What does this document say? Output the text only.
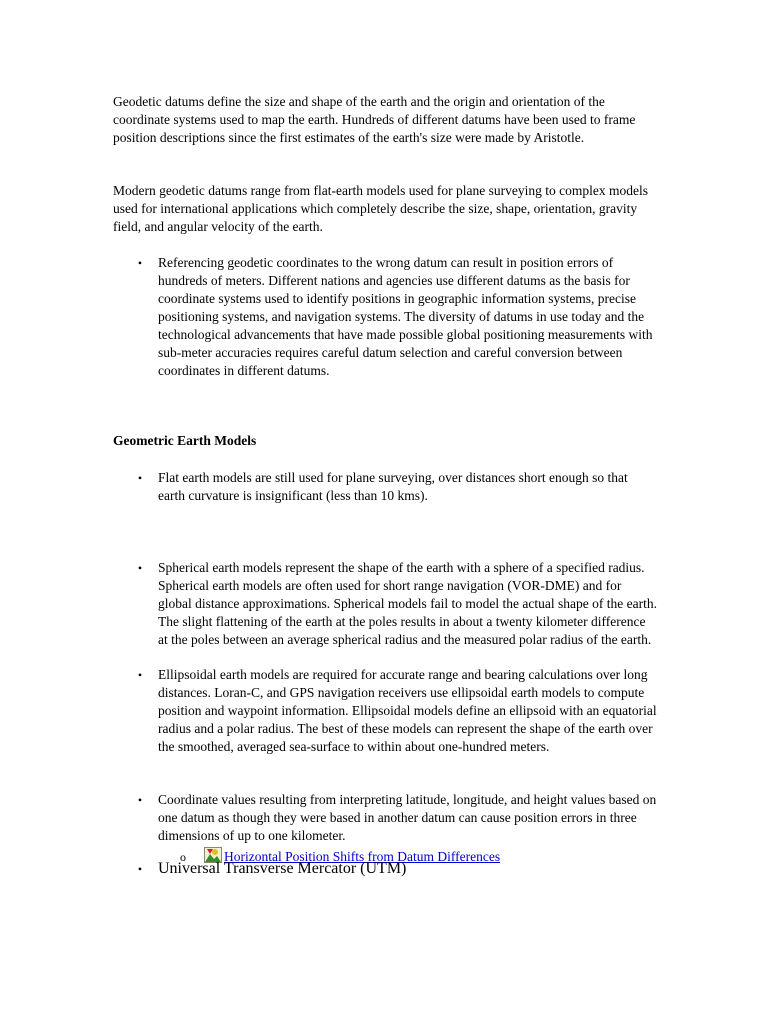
Geodetic datums define the size and shape of the earth and the origin and orientation of the coordinate systems used to map the earth. Hundreds of different datums have been used to frame position descriptions since the first estimates of the earth's size were made by Aristotle.

Modern geodetic datums range from flat-earth models used for plane surveying to complex models used for international applications which completely describe the size, shape, orientation, gravity field, and angular velocity of the earth.

• Referencing geodetic coordinates to the wrong datum can result in position errors of hundreds of meters. Different nations and agencies use different datums as the basis for coordinate systems used to identify positions in geographic information systems, precise positioning systems, and navigation systems. The diversity of datums in use today and the technological advancements that have made possible global positioning measurements with sub-meter accuracies requires careful datum selection and careful conversion between coordinates in different datums.

Geometric Earth Models
• Flat earth models are still used for plane surveying, over distances short enough so that earth curvature is insignificant (less than 10 kms).

• Spherical earth models represent the shape of the earth with a sphere of a specified radius. Spherical earth models are often used for short range navigation (VOR-DME) and for global distance approximations. Spherical models fail to model the actual shape of the earth. The slight flattening of the earth at the poles results in about a twenty kilometer difference at the poles between an average spherical radius and the measured polar radius of the earth.

• Ellipsoidal earth models are required for accurate range and bearing calculations over long distances. Loran-C, and GPS navigation receivers use ellipsoidal earth models to compute position and waypoint information. Ellipsoidal models define an ellipsoid with an equatorial radius and a polar radius. The best of these models can represent the shape of the earth over the smoothed, averaged sea-surface to within about one-hundred meters.

• Coordinate values resulting from interpreting latitude, longitude, and height values based on one datum as though they were based in another datum can cause position errors in three dimensions of up to one kilometer.

o	Horizontal Position Shifts from Datum Differences
• Universal Transverse Mercator (UTM)
